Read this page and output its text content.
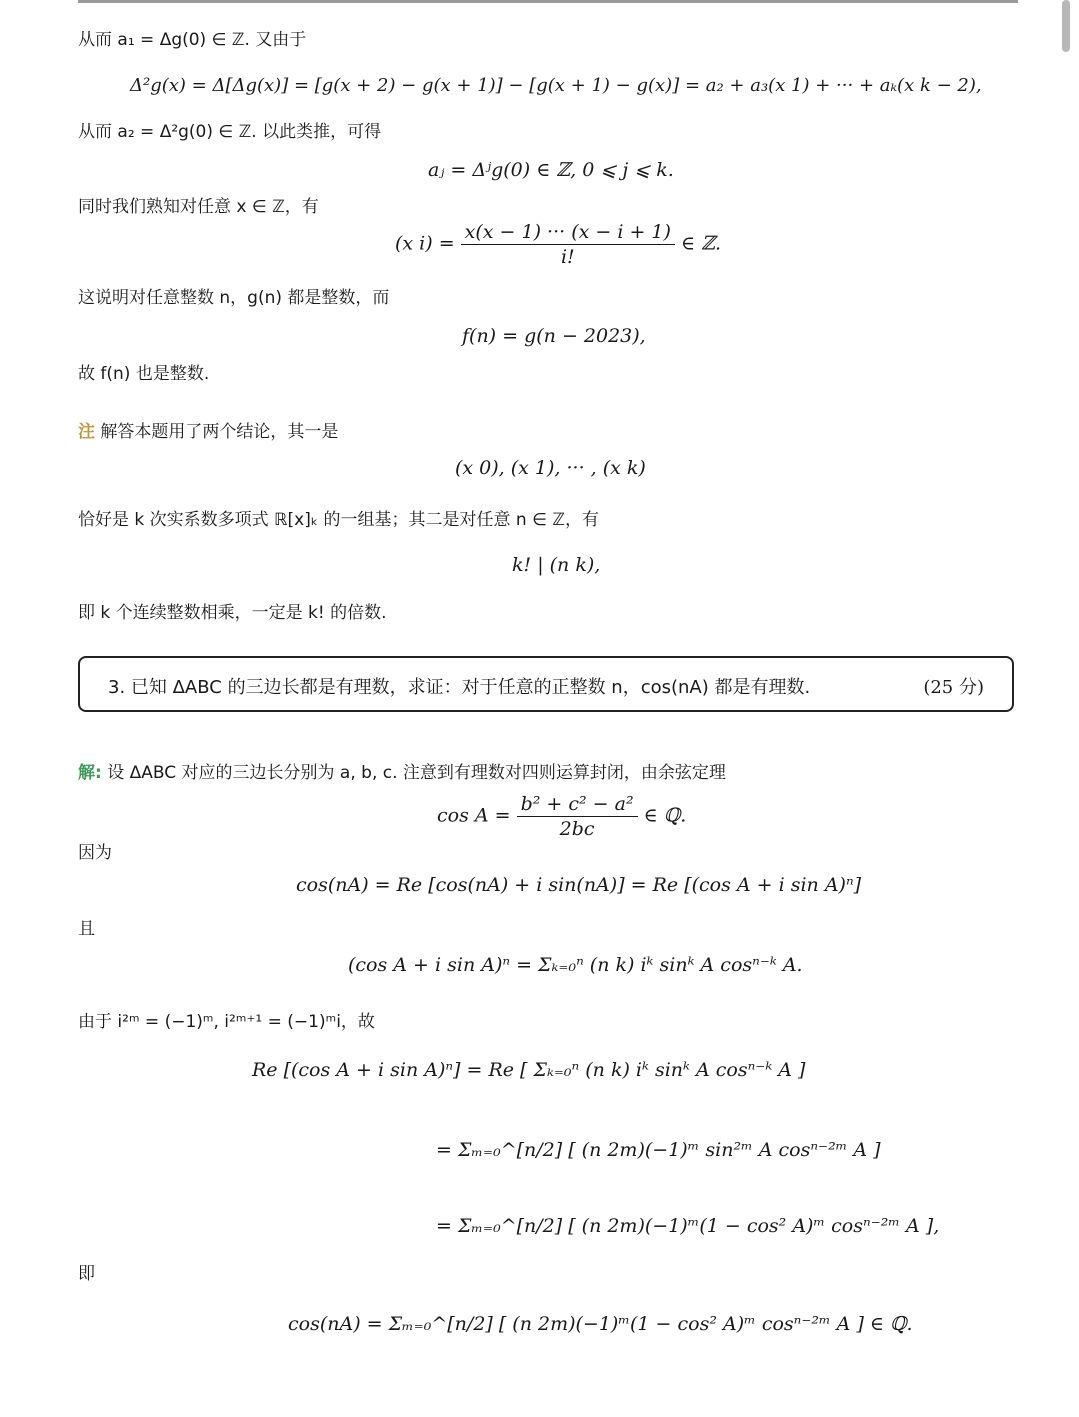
从而 a₁ = Δg(0) ∈ ℤ. 又由于
Δ²g(x) = Δ[Δg(x)] = [g(x + 2) − g(x + 1)] − [g(x + 1) − g(x)] = a₂ + a₃(x 1) + ··· + aₖ(x k − 2),
从而 a₂ = Δ²g(0) ∈ ℤ. 以此类推，可得
aⱼ = Δʲg(0) ∈ ℤ, 0 ⩽ j ⩽ k.
同时我们熟知对任意 x ∈ ℤ，有
(x $i) = \frac{x(x - 1) \cdot\cdot\cdot (x - i + 1)}{i!}$ ∈ ℤ.
这说明对任意整数 n，g(n) 都是整数，而
f(n) = g(n − 2023),
故 f(n) 也是整数.
注 解答本题用了两个结论，其一是
(x 0), (x 1), ··· , (x k)
恰好是 k 次实系数多项式 ℝ[x]ₖ 的一组基；其二是对任意 n ∈ ℤ，有
k! | (n k),
即 k 个连续整数相乘，一定是 k! 的倍数.
3. 已知 ΔABC 的三边长都是有理数，求证：对于任意的正整数 n，cos(nA) 都是有理数.	(25 分)
解: 设 ΔABC 对应的三边长分别为 a, b, c. 注意到有理数对四则运算封闭，由余弦定理
$\cos A = \frac{\text{b² + c² − a²}}{2bc}$ ∈ ℚ.
因为
cos(nA) = Re [cos(nA) + i sin(nA)] = Re [(cos A + i sin A)ⁿ]
且
(cos A + i sin A)ⁿ = Σₖ₌₀ⁿ (n k) iᵏ sinᵏ A cosⁿ⁻ᵏ A.
由于 i²ᵐ = (−1)ᵐ, i²ᵐ⁺¹ = (−1)ᵐi，故
Re [(cos A + i sin A)ⁿ] = Re [ Σₖ₌₀ⁿ (n k) iᵏ sinᵏ A cosⁿ⁻ᵏ A ]
= Σₘ₌₀^[n/2] [ (n 2m)(−1)ᵐ sin²ᵐ A cosⁿ⁻²ᵐ A ]
= Σₘ₌₀^[n/2] [ (n 2m)(−1)ᵐ(1 − cos² A)ᵐ cosⁿ⁻²ᵐ A ],
即
cos(nA) = Σₘ₌₀^[n/2] [ (n 2m)(−1)ᵐ(1 − cos² A)ᵐ cosⁿ⁻²ᵐ A ] ∈ ℚ.
